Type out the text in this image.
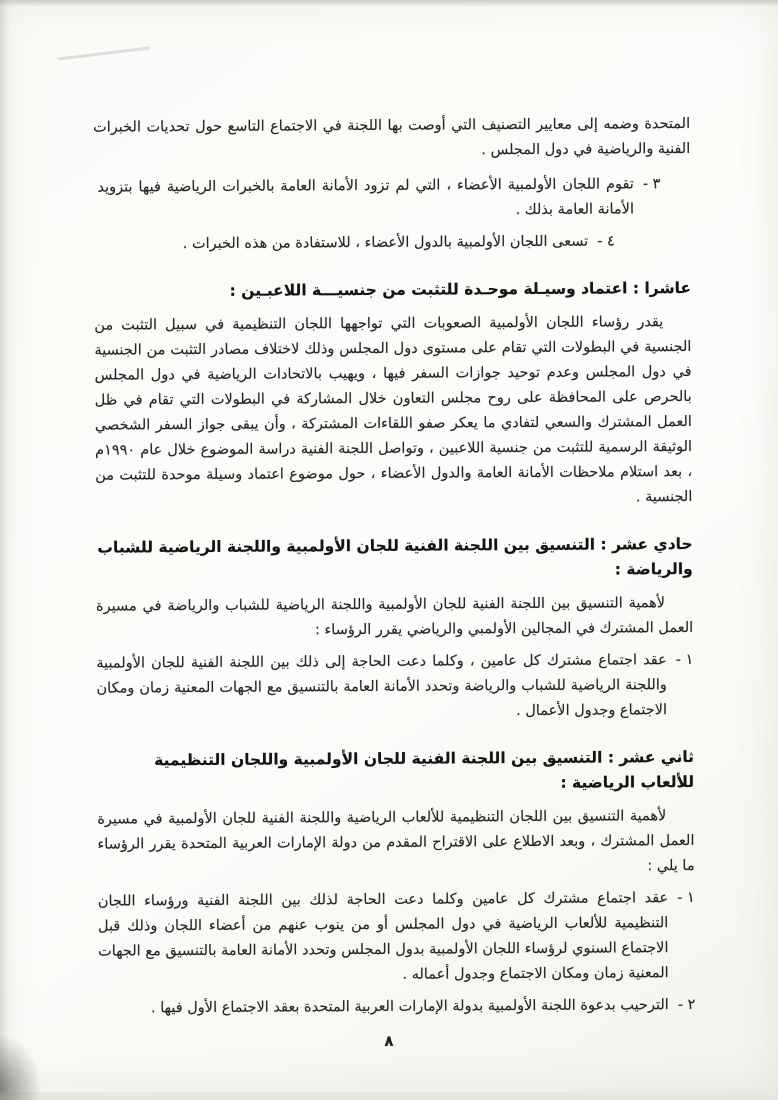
المتحدة وضمه إلى معايير التصنيف التي أوصت بها اللجنة في الاجتماع التاسع حول تحديات الخبرات الفنية والرياضية في دول المجلس .

٣ -
تقوم اللجان الأولمبية الأعضاء ، التي لم تزود الأمانة العامة بالخبرات الرياضية فيها بتزويد الأمانة العامة بذلك .
٤ -
تسعى اللجان الأولمبية بالدول الأعضاء ، للاستفادة من هذه الخبرات .
عاشرا : اعتماد وسيـلة موحـدة للتثبت من جنسيـــة اللاعبـين :

يقدر رؤساء اللجان الأولمبية الصعوبات التي تواجهها اللجان التنظيمية في سبيل التثبت من الجنسية في البطولات التي تقام على مستوى دول المجلس وذلك لاختلاف مصادر التثبت من الجنسية في دول المجلس وعدم توحيد جوازات السفر فيها ، ويهيب بالاتحادات الرياضية في دول المجلس بالحرص على المحافظة على روح مجلس التعاون خلال المشاركة في البطولات التي تقام في ظل العمل المشترك والسعي لتفادي ما يعكر صفو اللقاءات المشتركة ، وأن يبقى جواز السفر الشخصي الوثيقة الرسمية للتثبت من جنسية اللاعبين ، وتواصل اللجنة الفنية دراسة الموضوع خلال عام ١٩٩٠م ، بعد استلام ملاحظات الأمانة العامة والدول الأعضاء ، حول موضوع اعتماد وسيلة موحدة للتثبت من الجنسية .

حادي عشر : التنسيق بين اللجنة الفنية للجان الأولمبية واللجنة الرياضية للشباب والرياضة :

لأهمية التنسيق بين اللجنة الفنية للجان الأولمبية واللجنة الرياضية للشباب والرياضة في مسيرة العمل المشترك في المجالين الأولمبي والرياضي يقرر الرؤساء :

١ -
عقد اجتماع مشترك كل عامين ، وكلما دعت الحاجة إلى ذلك بين اللجنة الفنية للجان الأولمبية واللجنة الرياضية للشباب والرياضة وتحدد الأمانة العامة بالتنسيق مع الجهات المعنية زمان ومكان الاجتماع وجدول الأعمال .
ثاني عشر : التنسيق بين اللجنة الفنية للجان الأولمبية واللجان التنظيمية للألعاب الرياضية :

لأهمية التنسيق بين اللجان التنظيمية للألعاب الرياضية واللجنة الفنية للجان الأولمبية في مسيرة العمل المشترك ، وبعد الاطلاع على الاقتراح المقدم من دولة الإمارات العربية المتحدة يقرر الرؤساء ما يلي :

١ -
عقد اجتماع مشترك كل عامين وكلما دعت الحاجة لذلك بين اللجنة الفنية ورؤساء اللجان التنظيمية للألعاب الرياضية في دول المجلس أو من ينوب عنهم من أعضاء اللجان وذلك قبل الاجتماع السنوي لرؤساء اللجان الأولمبية بدول المجلس وتحدد الأمانة العامة بالتنسيق مع الجهات المعنية زمان ومكان الاجتماع وجدول أعماله .
٢ -
الترحيب بدعوة اللجنة الأولمبية بدولة الإمارات العربية المتحدة بعقد الاجتماع الأول فيها .
٨
